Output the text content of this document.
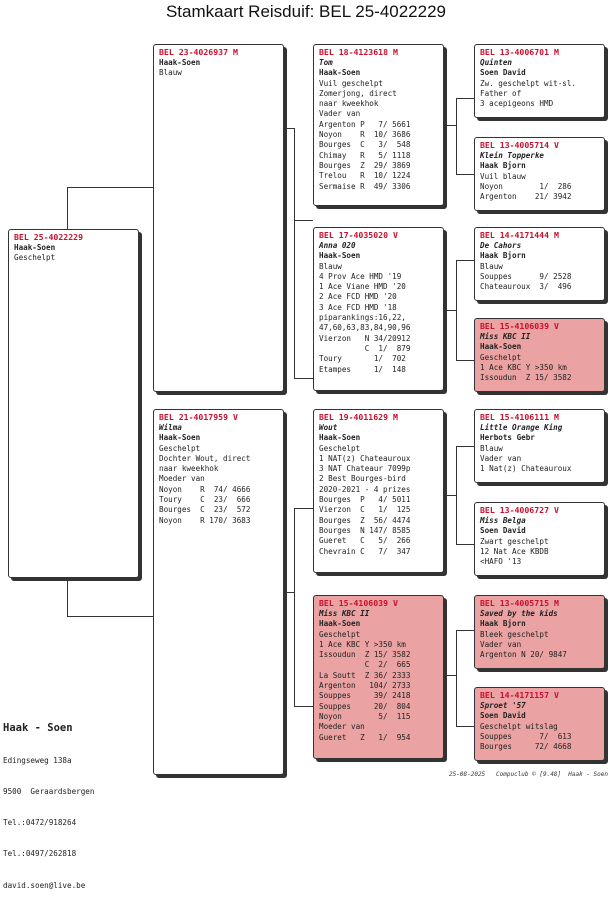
Stamkaart Reisduif: BEL 25-4022229
BEL 25-4022229
Haak-Soen
Geschelpt
BEL 23-4026937 M
Haak-Soen
Blauw
BEL 21-4017959 V
Wilma
Haak-Soen
Geschelpt
Dochter Wout, direct
naar kweekhok
Moeder van
Noyon    R  74/ 4666
Toury    C  23/  666
Bourges  C  23/  572
Noyon    R 170/ 3683
BEL 18-4123618 M
Tom
Haak-Soen
Vuil geschelpt
Zomerjong, direct
naar kweekhok
Vader van
Argenton P   7/ 5661
Noyon    R  10/ 3686
Bourges  C   3/  548
Chimay   R   5/ 1118
Bourges  Z  29/ 3869
Trelou   R  10/ 1224
Sermaise R  49/ 3306
BEL 17-4035020 V
Anna 020
Haak-Soen
Blauw
4 Prov Ace HMD '19
1 Ace Viane HMD '20
2 Ace FCD HMD '20
3 Ace FCD HMD '18
piparankings:16,22,
47,60,63,83,84,90,96
Vierzon   N 34/20912
C  1/  879
Toury       1/  702
Etampes     1/  148
BEL 19-4011629 M
Wout
Haak-Soen
Geschelpt
1 NAT(z) Chateauroux
3 NAT Chateaur 7099p
2 Best Bourges-bird
2020-2021 - 4 prizes
Bourges  P   4/ 5011
Vierzon  C   1/  125
Bourges  Z  56/ 4474
Bourges  N 147/ 8585
Gueret   C   5/  266
Chevrain C   7/  347
BEL 15-4106039 V
Miss KBC II
Haak-Soen
Geschelpt
1 Ace KBC Y >350 km
Issoudun  Z 15/ 3582
C  2/  665
La Soutt  Z 36/ 2333
Argenton   104/ 2733
Souppes     39/ 2418
Souppes     20/  804
Noyon        5/  115
Moeder van
Gueret   Z   1/  954
BEL 13-4006701 M
Quinten
Soen David
Zw. geschelpt wit-sl.
Father of
3 acepigeons HMD
BEL 13-4005714 V
Klein Topperke
Haak Bjorn
Vuil blauw
Noyon        1/  286
Argenton    21/ 3942
BEL 14-4171444 M
De Cahors
Haak Bjorn
Blauw
Souppes      9/ 2528
Chateauroux  3/  496
BEL 15-4106039 V
Miss KBC II
Haak-Soen
Geschelpt
1 Ace KBC Y >350 km
Issoudun  Z 15/ 3582
BEL 15-4106111 M
Little Orange King
Herbots Gebr
Blauw
Vader van
1 Nat(z) Chateauroux
BEL 13-4006727 V
Miss Belga
Soen David
Zwart geschelpt
12 Nat Ace KBDB
<HAFO '13
BEL 13-4005715 M
Saved by the kids
Haak Bjorn
Bleek geschelpt
Vader van
Argenton N 20/ 9847
BEL 14-4171157 V
Sproet '57
Soen David
Geschelpt witslag
Souppes      7/  613
Bourges     72/ 4668

Haak - Soen

Edingseweg 138a

9500  Geraardsbergen

Tel.:0472/918264

Tel.:0497/262818

david.soen@live.be

25-08-2025   Compuclub © [9.48]  Haak - Soen
